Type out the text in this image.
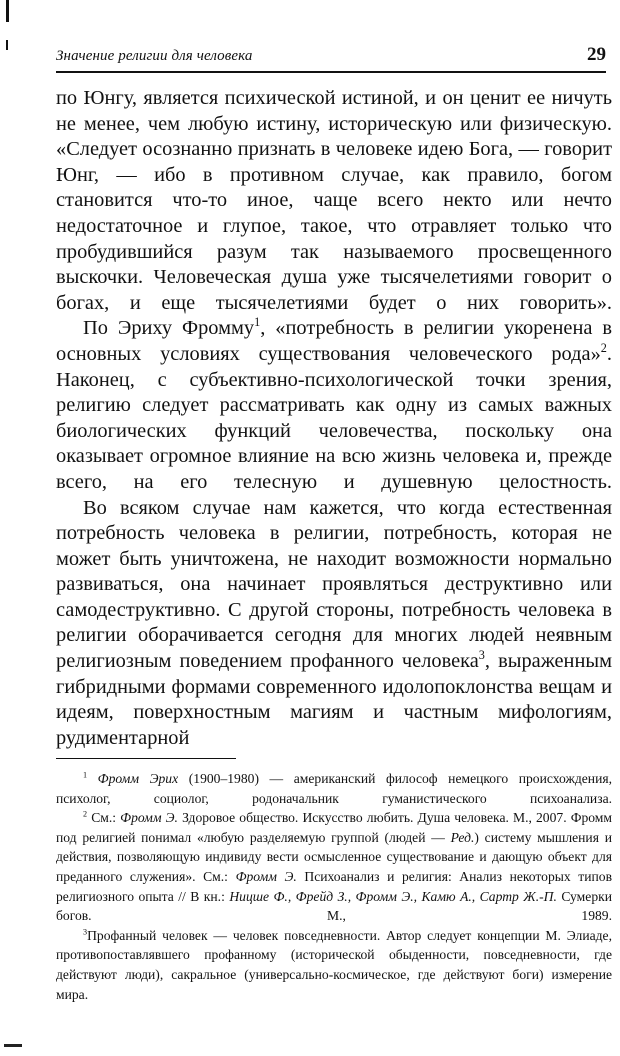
Значение религии для человека	29

по Юнгу, является психической истиной, и он ценит ее ничуть не менее, чем любую истину, историческую или физическую. «Следует осознанно признать в человеке идею Бога, — говорит Юнг, — ибо в противном случае, как правило, богом становится что-то иное, чаще всего некто или нечто недостаточное и глупое, такое, что отравляет только что пробудившийся разум так называемого просвещенного выскочки. Человеческая душа уже тысячелетиями говорит о богах, и еще тысячелетиями будет о них говорить».

По Эриху Фромму$^1$, «потребность в религии укоренена в основных условиях существования человеческого рода»$^2$. Наконец, с субъективно-психологической точки зрения, религию следует рассматривать как одну из самых важных биологических функций человечества, поскольку она оказывает огромное влияние на всю жизнь человека и, прежде всего, на его телесную и душевную целостность.

Во всяком случае нам кажется, что когда естественная потребность человека в религии, потребность, которая не может быть уничтожена, не находит возможности нормально развиваться, она начинает проявляться деструктивно или самодеструктивно. С другой стороны, потребность человека в религии оборачивается сегодня для многих людей неявным религиозным поведением профанного человека$^3$, выраженным гибридными формами современного идолопоклонства вещам и идеям, поверхностным магиям и частным мифологиям, рудиментарной

$^1$ Фромм Эрих (1900–1980) — американский философ немецкого происхождения, психолог, социолог, родоначальник гуманистического психоанализа.

$^2$ См.: Фромм Э. Здоровое общество. Искусство любить. Душа человека. М., 2007. Фромм под религией понимал «любую разделяемую группой (людей — Ред.) систему мышления и действия, позволяющую индивиду вести осмысленное существование и дающую объект для преданного служения». См.: Фромм Э. Психоанализ и религия: Анализ некоторых типов религиозного опыта // В кн.: Ницше Ф., Фрейд З., Фромм Э., Камю А., Сартр Ж.-П. Сумерки богов. М., 1989.

$^3$Профанный человек — человек повседневности. Автор следует концепции М. Элиаде, противопоставлявшего профанному (исторической обыденности, повседневности, где действуют люди), сакральное (универсально-космическое, где действуют боги) измерение мира.
